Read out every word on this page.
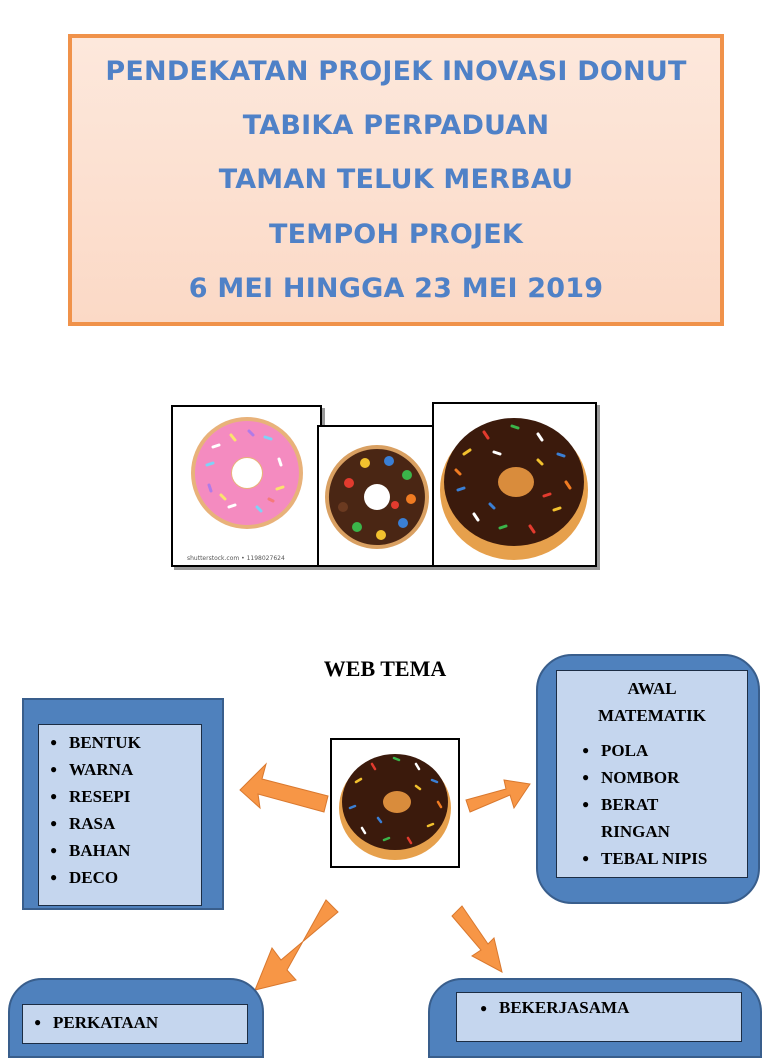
PENDEKATAN PROJEK INOVASI DONUT
TABIKA PERPADUAN
TAMAN TELUK MERBAU
TEMPOH PROJEK
6 MEI HINGGA 23 MEI 2019
shutterstock.com • 1198027624
WEB TEMA
● BENTUK
● WARNA
● RESEPI
● RASA
● BAHAN
● DECO
AWAL
MATEMATIK
● POLA
● NOMBOR
● BERAT
RINGAN
● TEBAL NIPIS
● PERKATAAN
● BEKERJASAMA
